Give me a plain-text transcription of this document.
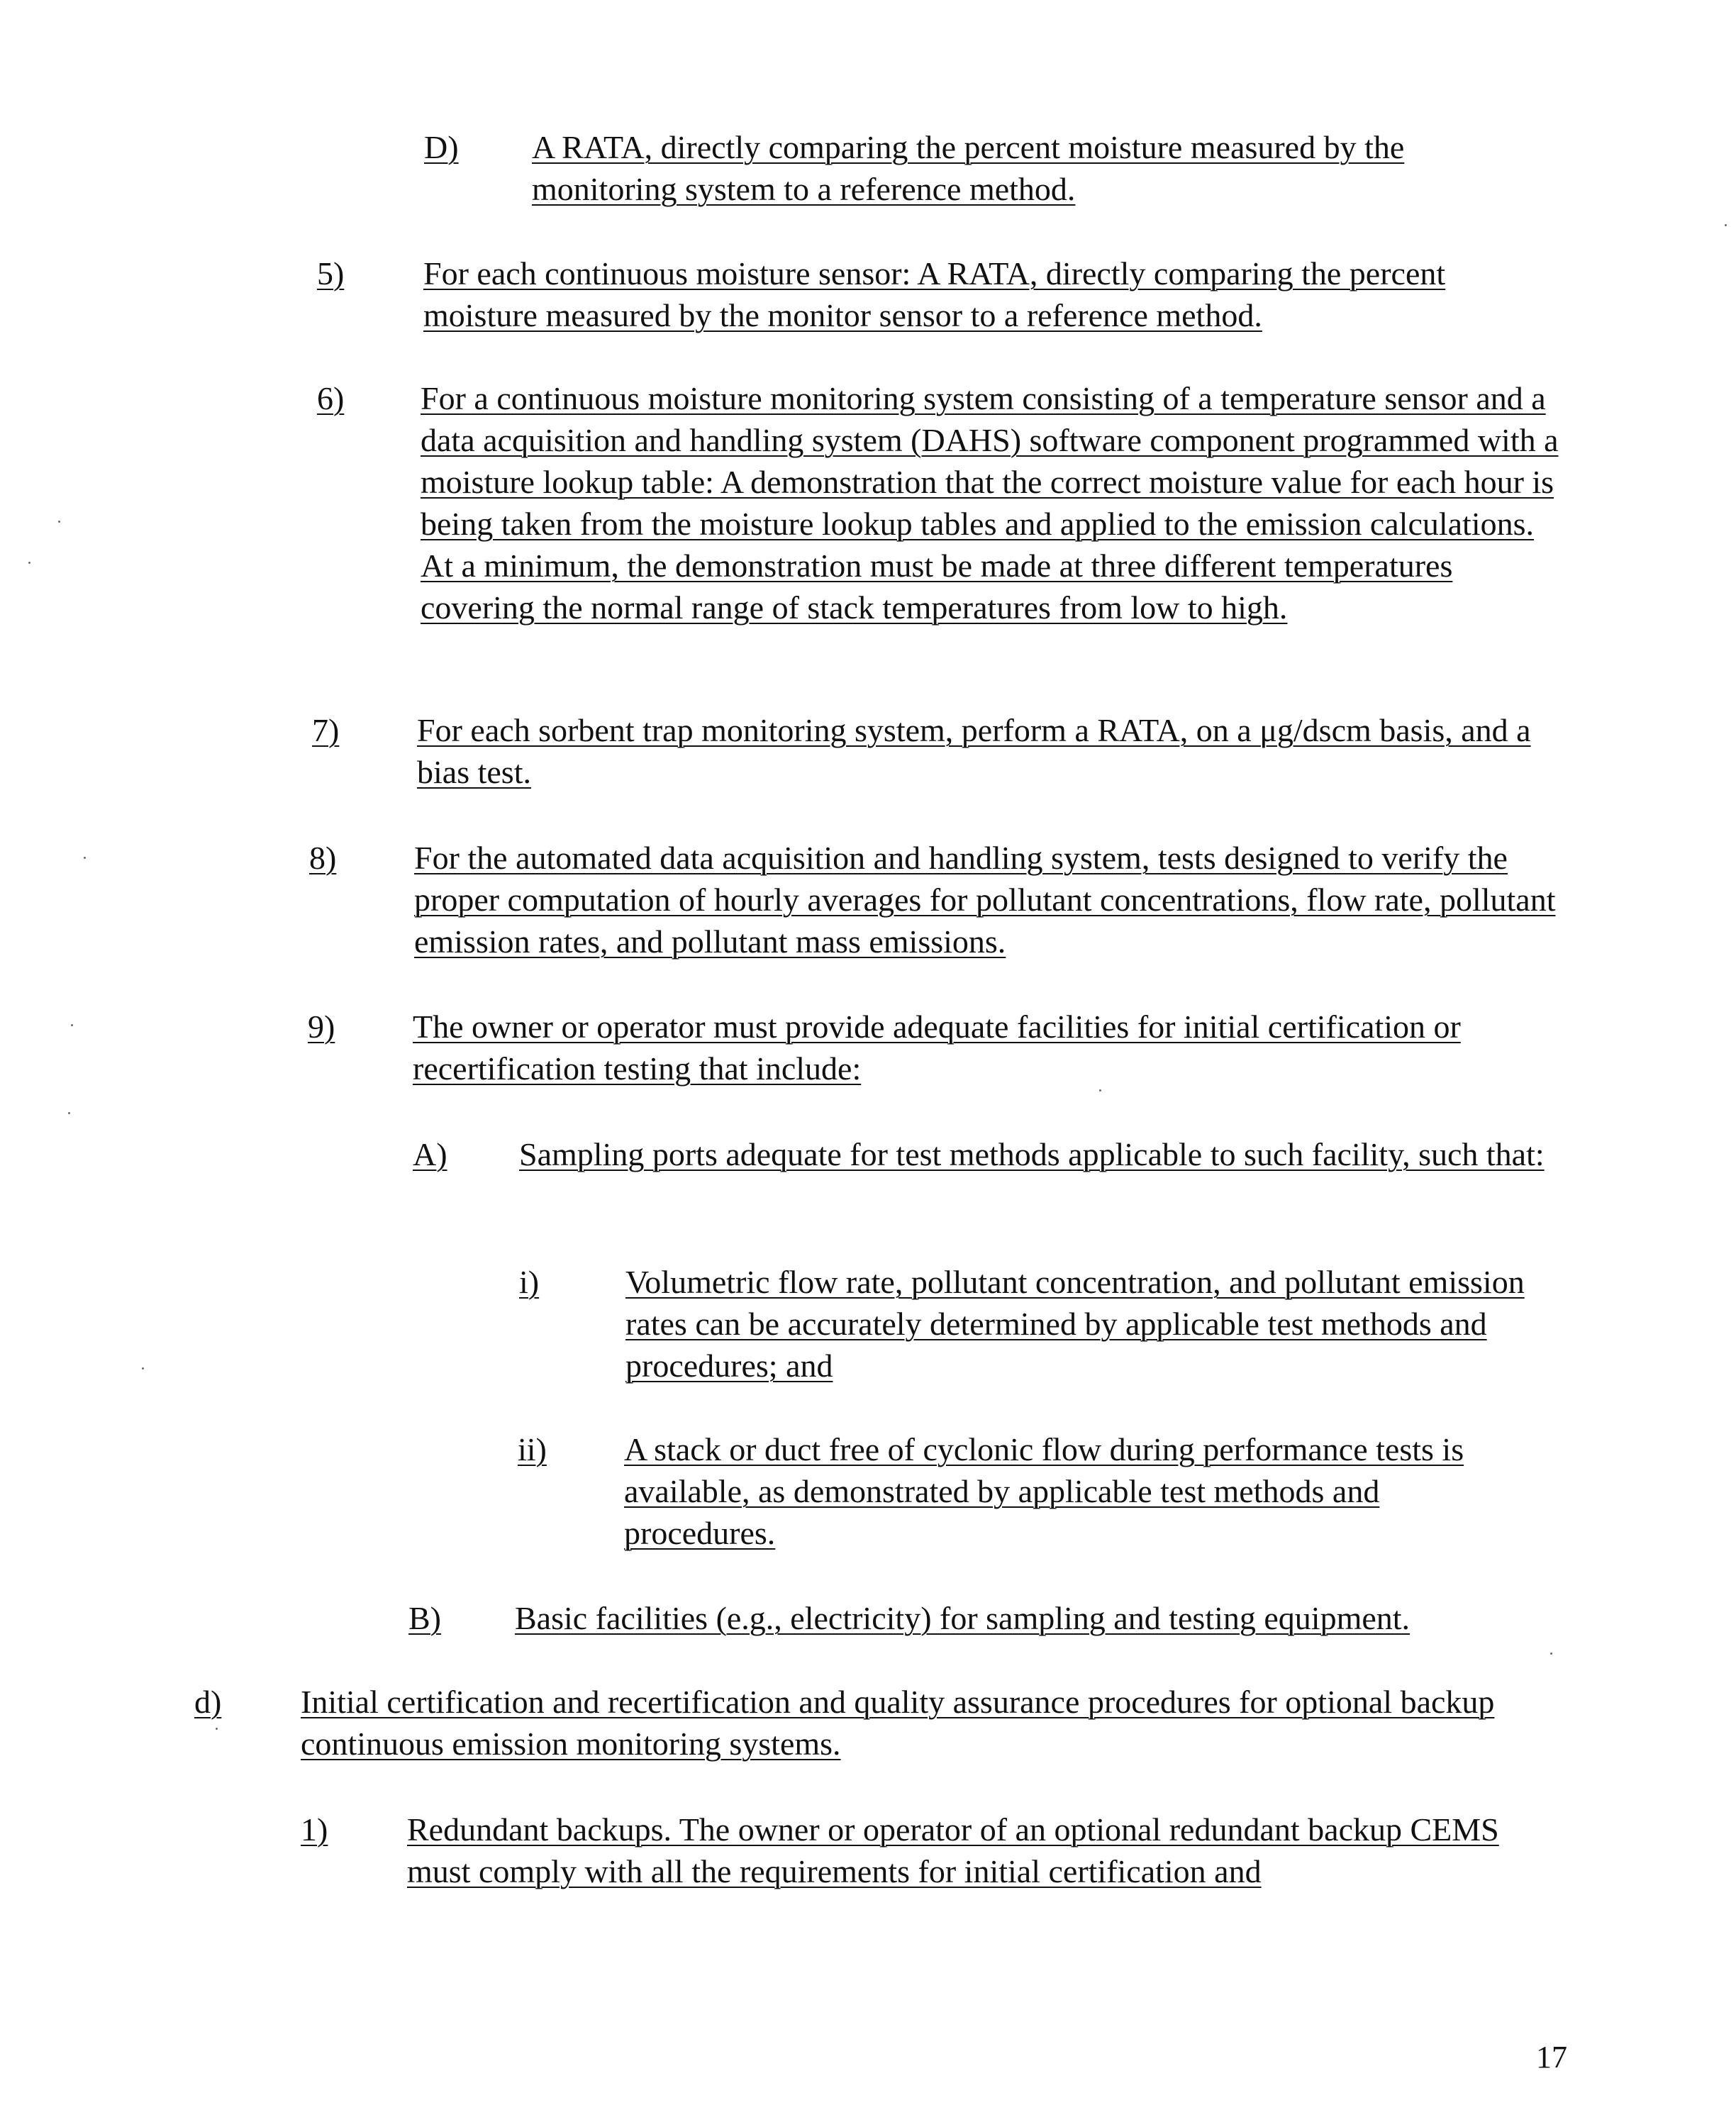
D) A RATA, directly comparing the percent moisture measured by the monitoring system to a reference method.
5) For each continuous moisture sensor: A RATA, directly comparing the percent moisture measured by the monitor sensor to a reference method.
6) For a continuous moisture monitoring system consisting of a temperature sensor and a data acquisition and handling system (DAHS) software component programmed with a moisture lookup table: A demonstration that the correct moisture value for each hour is being taken from the moisture lookup tables and applied to the emission calculations. At a minimum, the demonstration must be made at three different temperatures covering the normal range of stack temperatures from low to high.
7) For each sorbent trap monitoring system, perform a RATA, on a μg/dscm basis, and a bias test.
8) For the automated data acquisition and handling system, tests designed to verify the proper computation of hourly averages for pollutant concentrations, flow rate, pollutant emission rates, and pollutant mass emissions.
9) The owner or operator must provide adequate facilities for initial certification or recertification testing that include:
A) Sampling ports adequate for test methods applicable to such facility, such that:
i)	Volumetric flow rate, pollutant concentration, and pollutant emission rates can be accurately determined by applicable test methods and procedures; and
ii) A stack or duct free of cyclonic flow during performance tests is available, as demonstrated by applicable test methods and procedures.
B) Basic facilities (e.g., electricity) for sampling and testing equipment.
d) Initial certification and recertification and quality assurance procedures for optional backup continuous emission monitoring systems.
1) Redundant backups. The owner or operator of an optional redundant backup CEMS must comply with all the requirements for initial certification and
17
